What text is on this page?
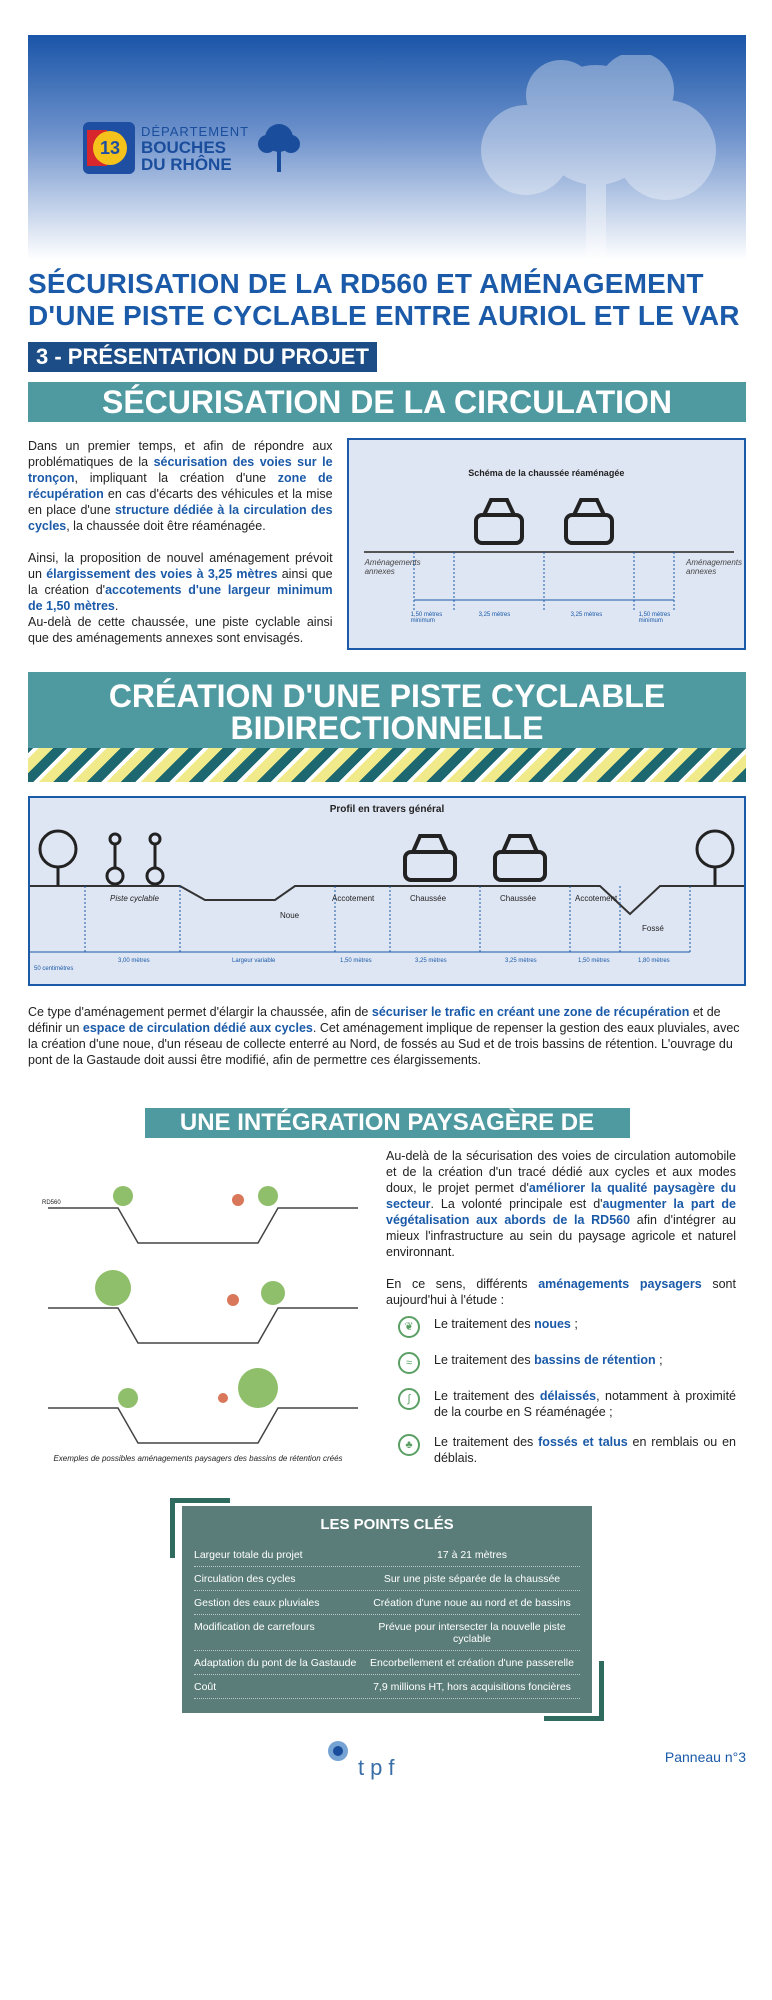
13
DÉPARTEMENT
BOUCHES
DU RHÔNE
SÉCURISATION DE LA RD560 ET AMÉNAGEMENT
D'UNE PISTE CYCLABLE ENTRE AURIOL ET LE VAR
3 - PRÉSENTATION DU PROJET
SÉCURISATION DE LA CIRCULATION

Dans un premier temps, et afin de répondre aux problématiques de la sécurisation des voies sur le tronçon, impliquant la création d'une zone de récupération en cas d'écarts des véhicules et la mise en place d'une structure dédiée à la circulation des cycles, la chaussée doit être réaménagée.

Ainsi, la proposition de nouvel aménagement prévoit un élargissement des voies à 3,25 mètres ainsi que la création d'accotements d'une largeur minimum de 1,50 mètres.

Au-delà de cette chaussée, une piste cyclable ainsi que des aménagements annexes sont envisagés.

Schéma de la chaussée réaménagée
Aménagements annexes
Aménagements annexes
1,50 mètres minimum
3,25 mètres	3,25 mètres	1,50 mètres minimum
CRÉATION D'UNE PISTE CYCLABLE
BIDIRECTIONNELLE
Profil en travers général
Piste cyclable
Noue
Accotement	Chaussée	Chaussée	Accotement
Fossé
50 centimètres
3,00 mètres	Largeur variable	1,50 mètres	3,25 mètres	3,25 mètres	1,50 mètres	1,80 mètres

Ce type d'aménagement permet d'élargir la chaussée, afin de sécuriser le trafic en créant une zone de récupération et de définir un espace de circulation dédié aux cycles. Cet aménagement implique de repenser la gestion des eaux pluviales, avec la création d'une noue, d'un réseau de collecte enterré au Nord, de fossés au Sud et de trois bassins de rétention. L'ouvrage du pont de la Gastaude doit aussi être modifié, afin de permettre ces élargissements.

UNE INTÉGRATION PAYSAGÈRE DE QUALITÉ
RD560
Exemples de possibles aménagements paysagers des bassins de rétention créés

Au-delà de la sécurisation des voies de circulation automobile et de la création d'un tracé dédié aux cycles et aux modes doux, le projet permet d'améliorer la qualité paysagère du secteur. La volonté principale est d'augmenter la part de végétalisation aux abords de la RD560 afin d'intégrer au mieux l'infrastructure au sein du paysage agricole et naturel environnant.

En ce sens, différents aménagements paysagers sont aujourd'hui à l'étude :

❦	Le traitement des noues ;
≈	Le traitement des bassins de rétention ;
∫	Le traitement des délaissés, notamment à proximité de la courbe en S réaménagée ;
♣	Le traitement des fossés et talus en remblais ou en déblais.
LES POINTS CLÉS
Largeur totale du projet	17 à 21 mètres
Circulation des cycles	Sur une piste séparée de la chaussée
Gestion des eaux pluviales	Création d'une noue au nord et de bassins
Modification de carrefours	Prévue pour intersecter la nouvelle piste cyclable
Adaptation du pont de la Gastaude	Encorbellement et création d'une passerelle
Coût	7,9 millions HT, hors acquisitions foncières
tpf	Panneau n°3
